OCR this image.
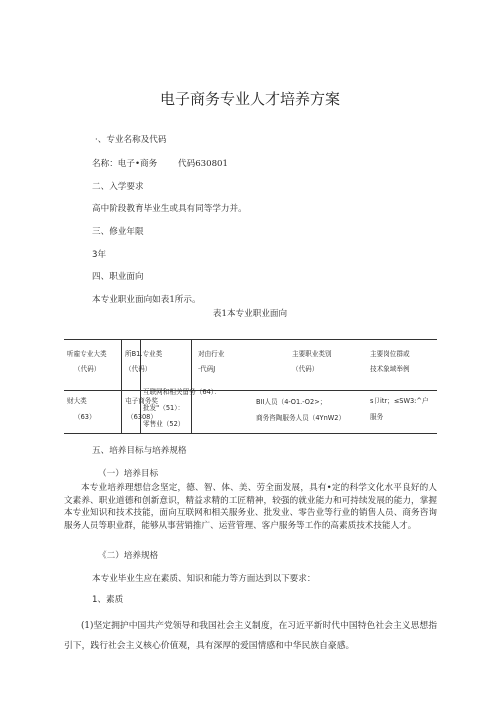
电子商务专业人才培养方案
·、专业名称及代码
名称：电子•商务 代码630801
二、入学要求
高中阶段教育毕业生或具有同等学力并。
三、修业年限
3年
四、职业面向
本专业职业面向如表1所示。
表1本专业职业面向
听雇专业大类
（代码）
所B1.专业类
（代码）
对由行业
·代码J
主要职业类别
（代码）
主要岗位群或
技术象域举例
财大类
（63）
屯子商务奖
（6308）
互联网和相关留务（64）：
批发"（51）：
零售业（52）
BII人员（4-O1.-O2>；
商务咨陶服务人员（4YnW2）
s卩itr；≤SW3:^户
服务
五、培养目标与培养规格
（一）培养目标
本专业培养理想信念坚定，德、智、体、美、劳全面发展，具有•定的科学文化水平良好的人文素养、职业道德和创新意识，精益求精的工匠精神，较强的就业能力和可持续发展的能力，掌握本专业知识和技术技能，面向互联网和相关服务业、批发业、零告业等行业的销售人员、商务咨询服务人员等职业群，能够从事营销推广、运营管理、客户服务等工作的高素质技术技能人才。
《二）培养规格
本专业毕业生应在素质、知识和能力等方面达到以下要求：
1、素质
(1)坚定拥护中国共产党领导和我国社会主义制度，在习近平新时代中国特色社会主义思想指引下，践行社会主义核心价值观，具有深厚的爱国情感和中华民族自豪感。
